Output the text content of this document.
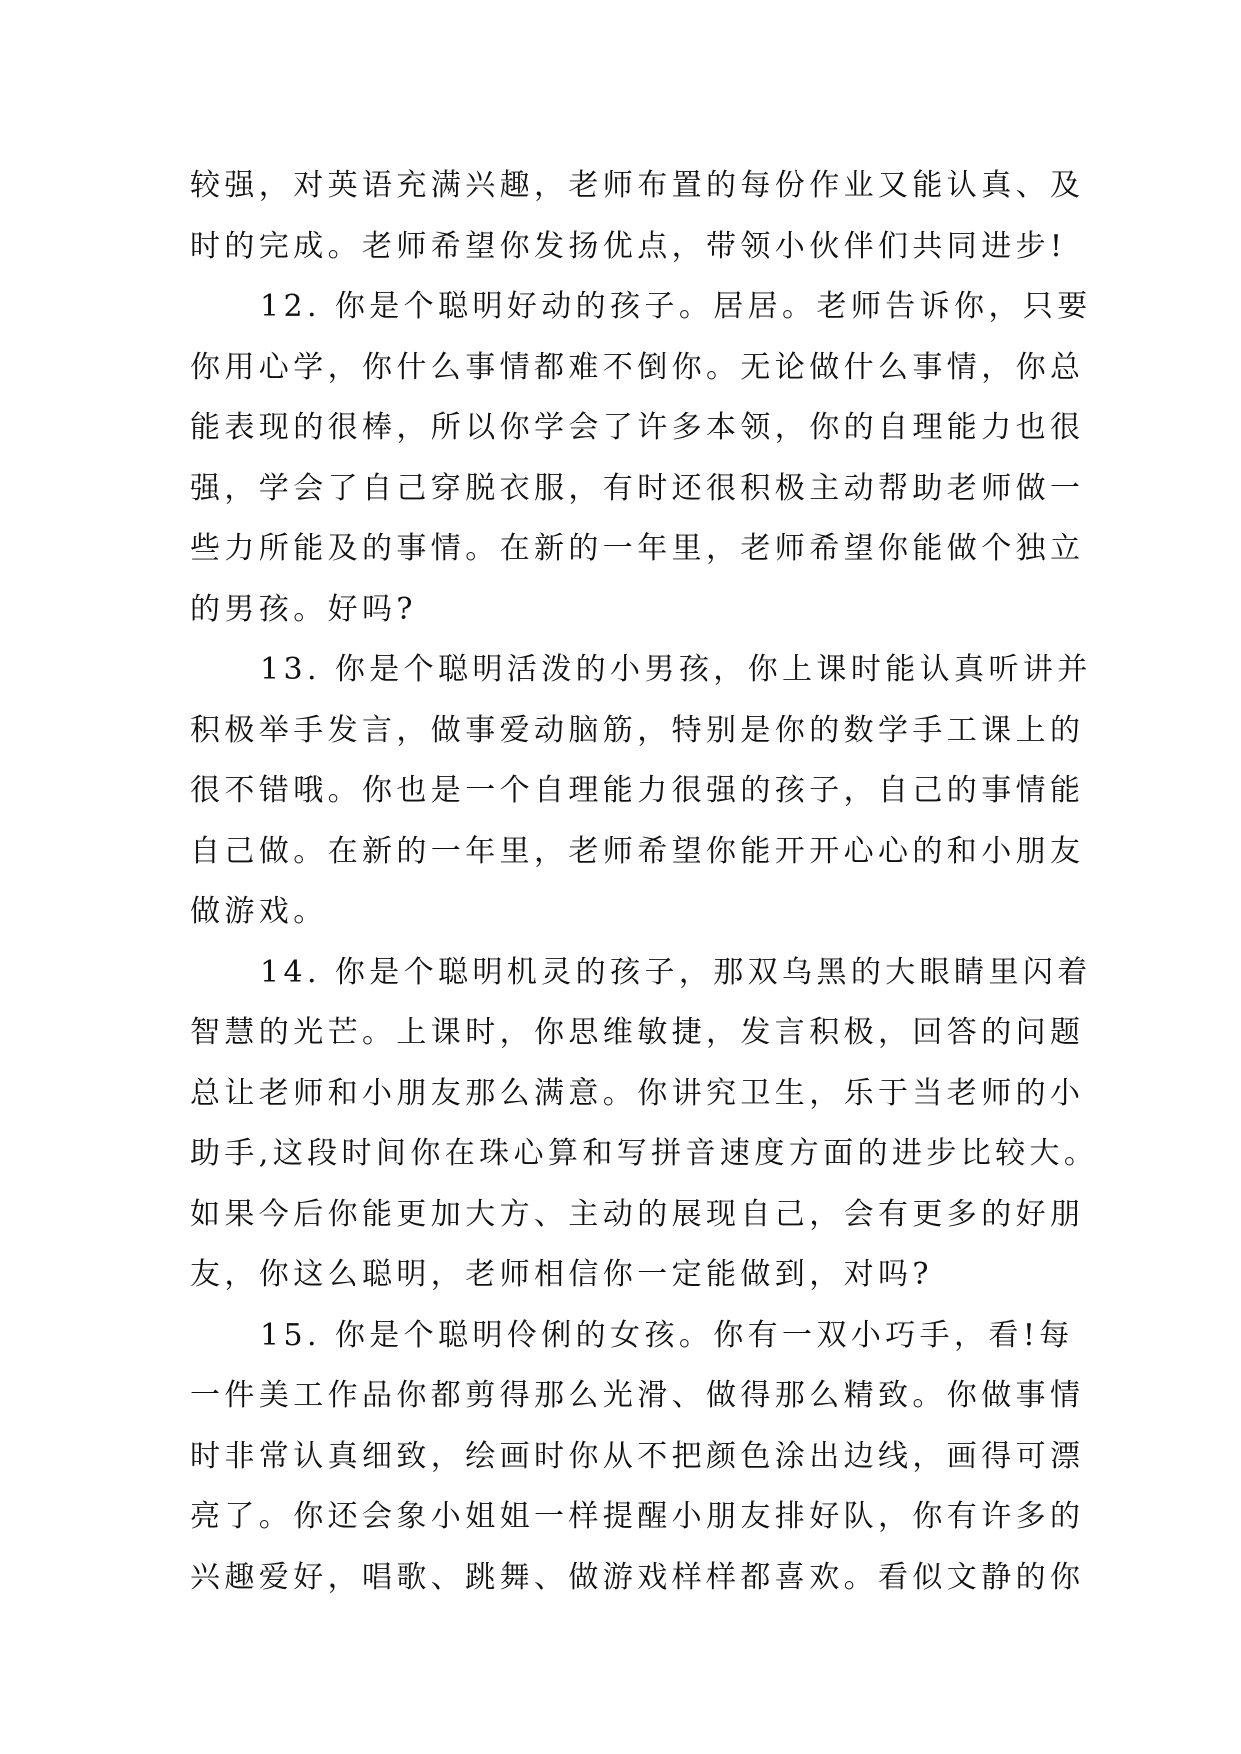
较强，对英语充满兴趣，老师布置的每份作业又能认真、及
时的完成。老师希望你发扬优点，带领小伙伴们共同进步!
12. 你是个聪明好动的孩子。居居。老师告诉你，只要
你用心学，你什么事情都难不倒你。无论做什么事情，你总
能表现的很棒，所以你学会了许多本领，你的自理能力也很
强，学会了自己穿脱衣服，有时还很积极主动帮助老师做一
些力所能及的事情。在新的一年里，老师希望你能做个独立
的男孩。好吗?
13. 你是个聪明活泼的小男孩，你上课时能认真听讲并
积极举手发言，做事爱动脑筋，特别是你的数学手工课上的
很不错哦。你也是一个自理能力很强的孩子，自己的事情能
自己做。在新的一年里，老师希望你能开开心心的和小朋友
做游戏。
14. 你是个聪明机灵的孩子，那双乌黑的大眼睛里闪着
智慧的光芒。上课时，你思维敏捷，发言积极，回答的问题
总让老师和小朋友那么满意。你讲究卫生，乐于当老师的小
助手,这段时间你在珠心算和写拼音速度方面的进步比较大。
如果今后你能更加大方、主动的展现自己，会有更多的好朋
友，你这么聪明，老师相信你一定能做到，对吗?
15. 你是个聪明伶俐的女孩。你有一双小巧手，看!每
一件美工作品你都剪得那么光滑、做得那么精致。你做事情
时非常认真细致，绘画时你从不把颜色涂出边线，画得可漂
亮了。你还会象小姐姐一样提醒小朋友排好队，你有许多的
兴趣爱好，唱歌、跳舞、做游戏样样都喜欢。看似文静的你
